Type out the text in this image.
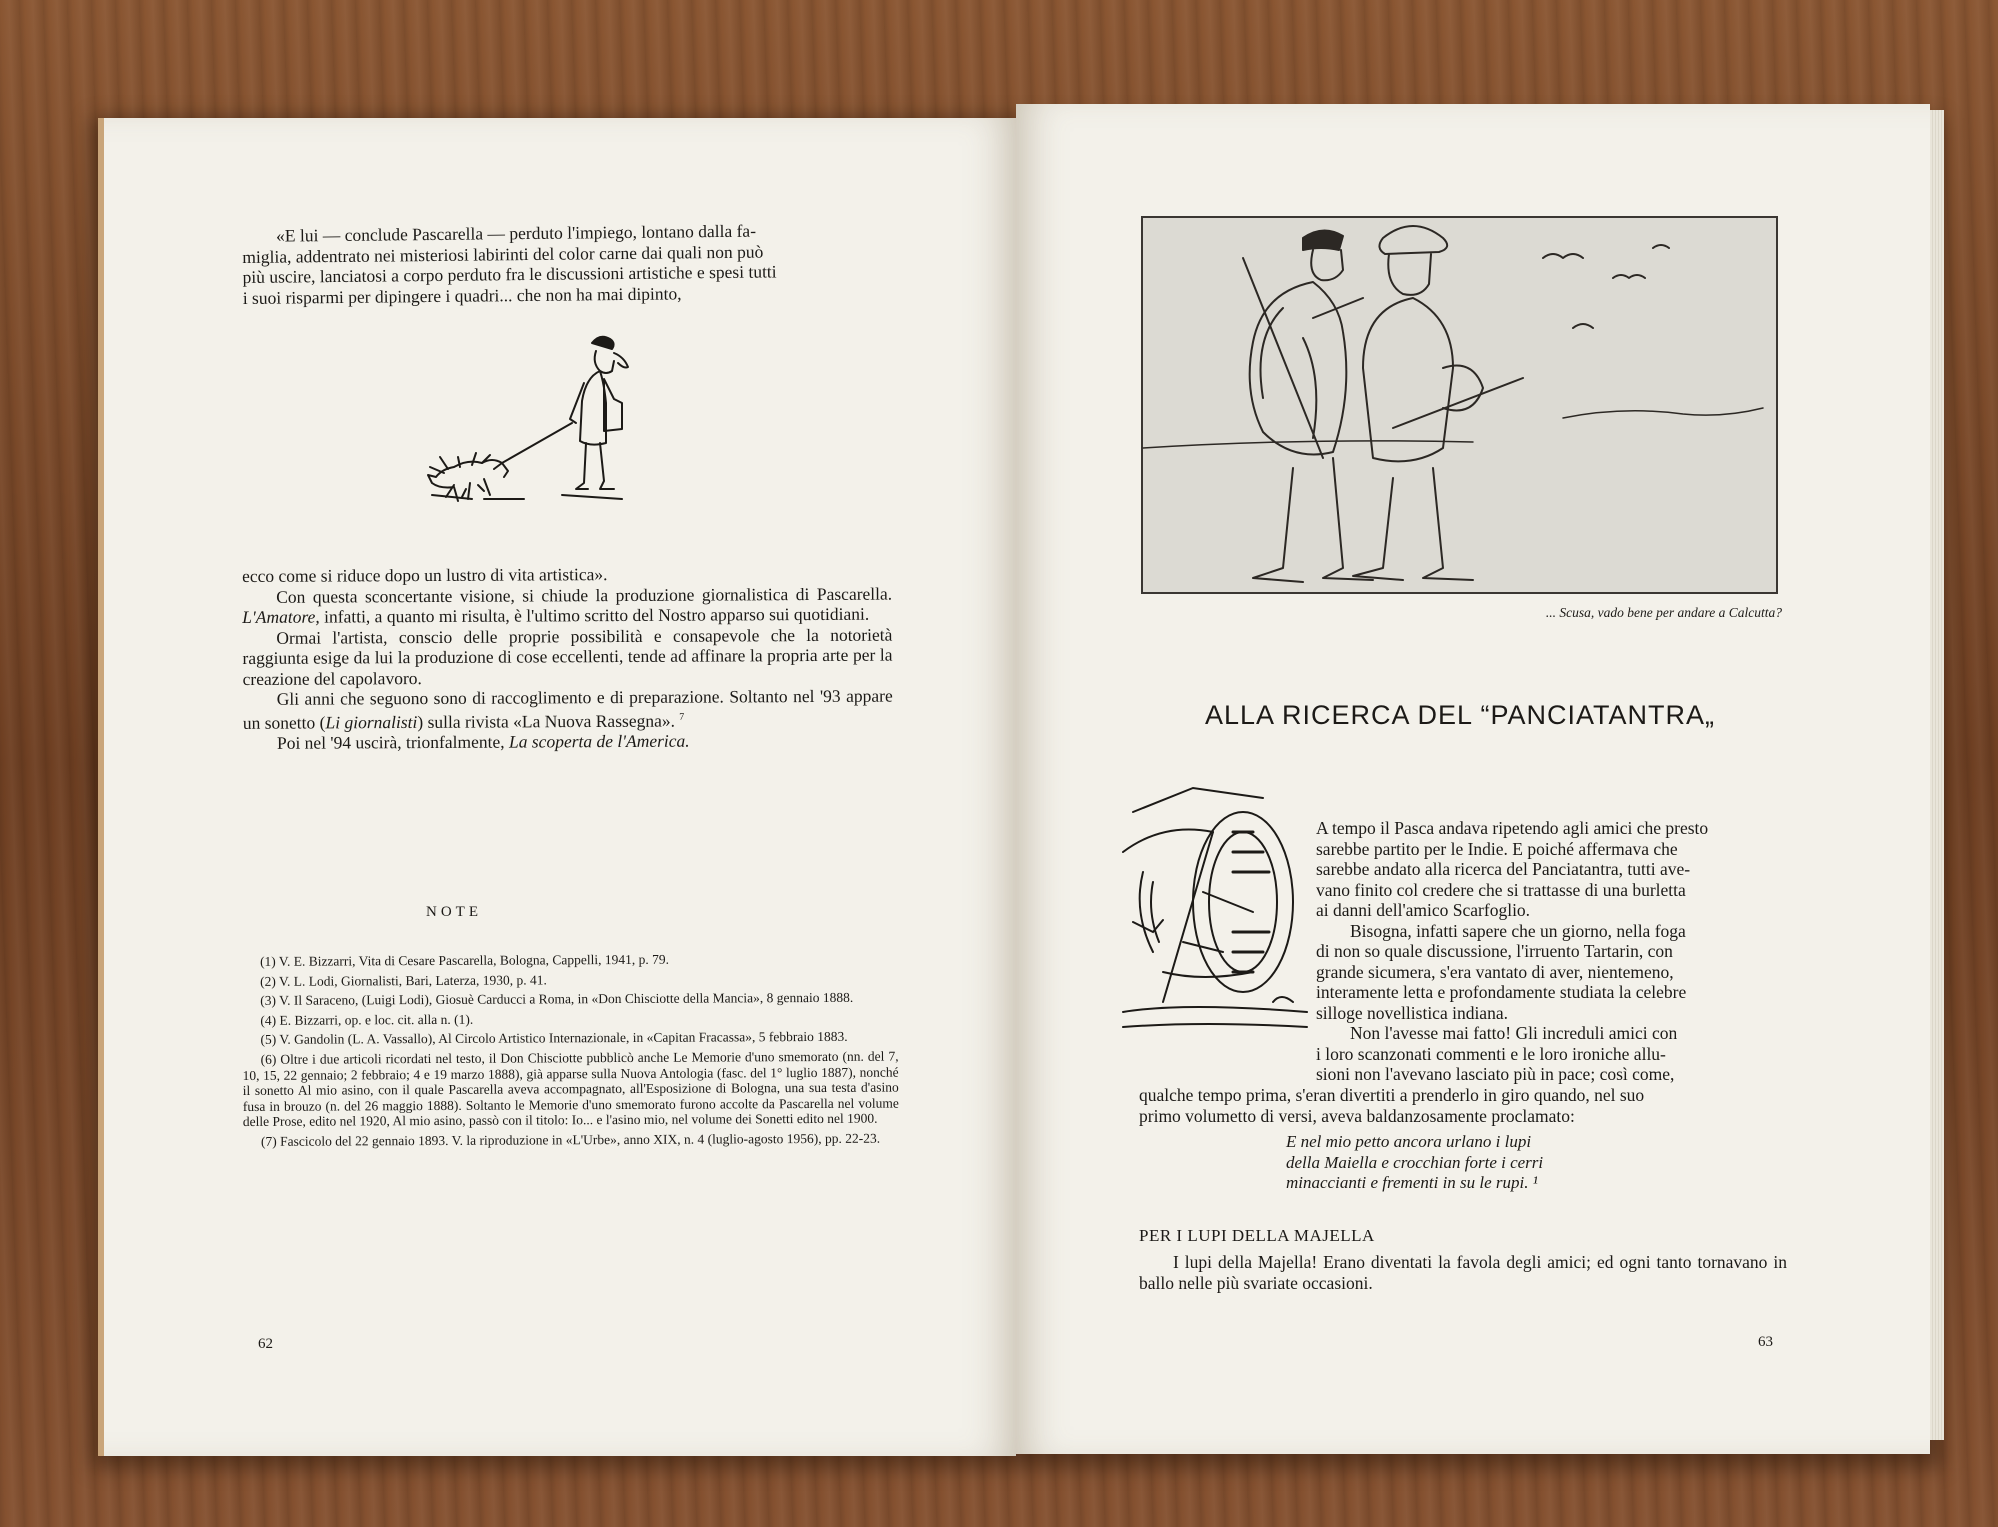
«E lui — conclude Pascarella — perduto l'impiego, lontano dalla fa-

miglia, addentrato nei misteriosi labirinti del color carne dai quali non può

più uscire, lanciatosi a corpo perduto fra le discussioni artistiche e spesi tutti

i suoi risparmi per dipingere i quadri... che non ha mai dipinto,

ecco come si riduce dopo un lustro di vita artistica».

Con questa sconcertante visione, si chiude la produzione giornalistica di Pascarella. L'Amatore, infatti, a quanto mi risulta, è l'ultimo scritto del Nostro apparso sui quotidiani.

Ormai l'artista, conscio delle proprie possibilità e consapevole che la notorietà raggiunta esige da lui la produzione di cose eccellenti, tende ad affinare la propria arte per la creazione del capolavoro.

Gli anni che seguono sono di raccoglimento e di preparazione. Soltanto nel '93 appare un sonetto (Li giornalisti) sulla rivista «La Nuova Rassegna». $^7$

Poi nel '94 uscirà, trionfalmente, La scoperta de l'America.

NOTE

(1) V. E. Bizzarri, Vita di Cesare Pascarella, Bologna, Cappelli, 1941, p. 79.

(2) V. L. Lodi, Giornalisti, Bari, Laterza, 1930, p. 41.

(3) V. Il Saraceno, (Luigi Lodi), Giosuè Carducci a Roma, in «Don Chisciotte della Mancia», 8 gennaio 1888.

(4) E. Bizzarri, op. e loc. cit. alla n. (1).

(5) V. Gandolin (L. A. Vassallo), Al Circolo Artistico Internazionale, in «Capitan Fracassa», 5 febbraio 1883.

(6) Oltre i due articoli ricordati nel testo, il Don Chisciotte pubblicò anche Le Memorie d'uno smemorato (nn. del 7, 10, 15, 22 gennaio; 2 febbraio; 4 e 19 marzo 1888), già apparse sulla Nuova Antologia (fasc. del 1° luglio 1887), nonché il sonetto Al mio asino, con il quale Pascarella aveva accompagnato, all'Esposizione di Bologna, una sua testa d'asino fusa in brouzo (n. del 26 maggio 1888). Soltanto le Memorie d'uno smemorato furono accolte da Pascarella nel volume delle Prose, edito nel 1920, Al mio asino, passò con il titolo: Io... e l'asino mio, nel volume dei Sonetti edito nel 1900.

(7) Fascicolo del 22 gennaio 1893. V. la riproduzione in «L'Urbe», anno XIX, n. 4 (luglio-agosto 1956), pp. 22-23.

62
... Scusa, vado bene per andare a Calcutta?
ALLA RICERCA DEL “PANCIATANTRA„

A tempo il Pasca andava ripetendo agli amici che presto

sarebbe partito per le Indie. E poiché affermava che

sarebbe andato alla ricerca del Panciatantra, tutti ave-

vano finito col credere che si trattasse di una burletta

ai danni dell'amico Scarfoglio.

Bisogna, infatti sapere che un giorno, nella foga

di non so quale discussione, l'irruento Tartarin, con

grande sicumera, s'era vantato di aver, nientemeno,

interamente letta e profondamente studiata la celebre

silloge novellistica indiana.

Non l'avesse mai fatto! Gli increduli amici con

i loro scanzonati commenti e le loro ironiche allu-

sioni non l'avevano lasciato più in pace; così come,

qualche tempo prima, s'eran divertiti a prenderlo in giro quando, nel suo

primo volumetto di versi, aveva baldanzosamente proclamato:

E nel mio petto ancora urlano i lupi

della Maiella e crocchian forte i cerri

minaccianti e frementi in su le rupi. ¹

PER I LUPI DELLA MAJELLA

I lupi della Majella! Erano diventati la favola degli amici; ed ogni tanto tornavano in ballo nelle più svariate occasioni.

63
